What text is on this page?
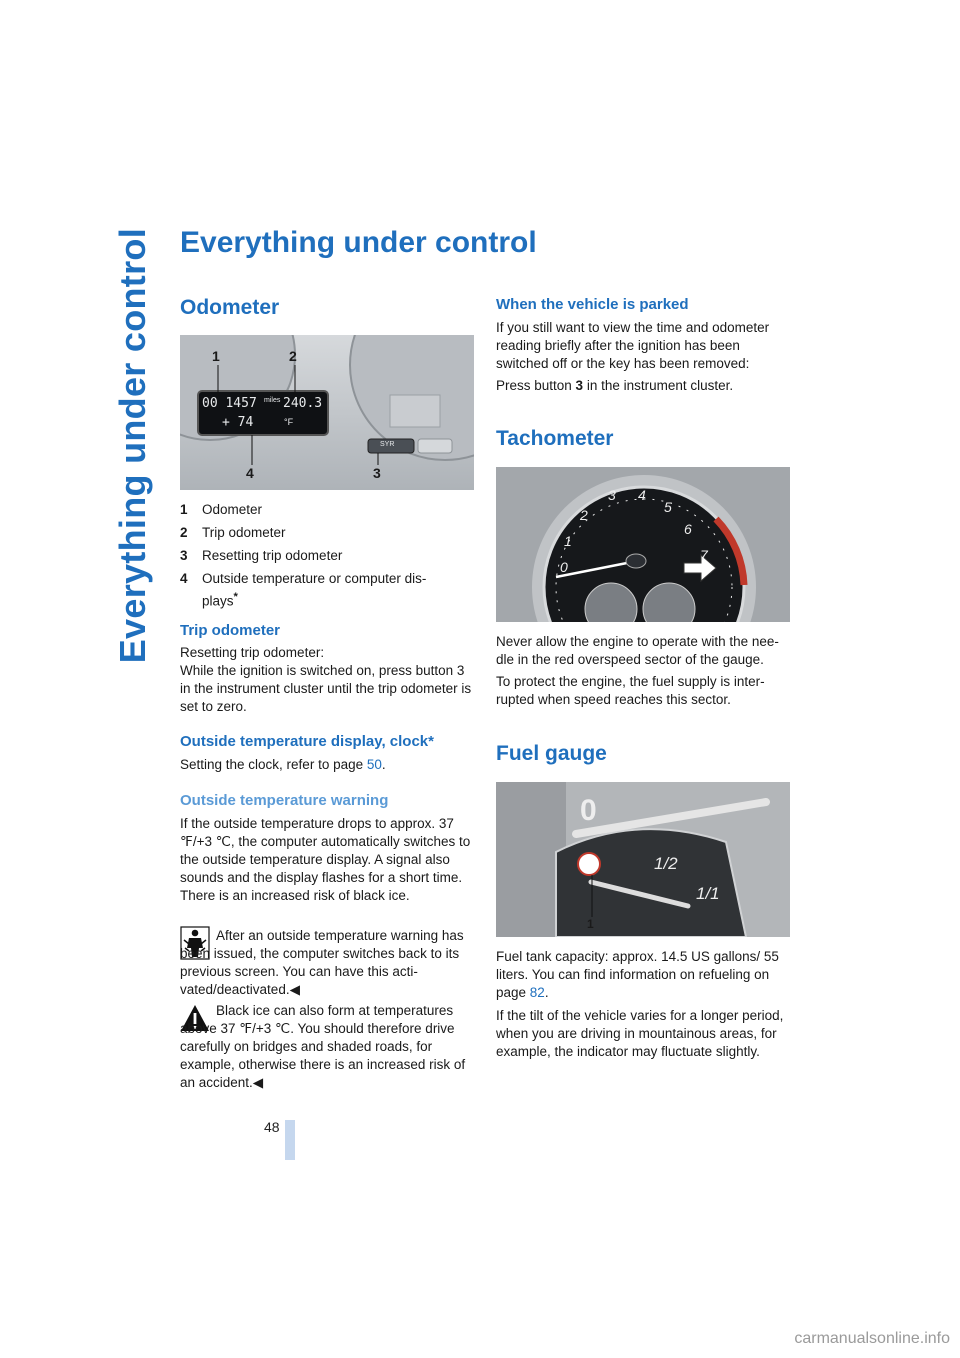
Everything under control Everything under control
Odometer
1	2
3
4
00 1457 miles 240.3
+ 74	°F
SYR
1 Odometer
2 Trip odometer
3 Resetting trip odometer
4 Outside temperature or computer dis-plays*
Trip odometer

Resetting trip odometer:

While the ignition is switched on, press button 3 in the instrument cluster until the trip odometer is set to zero.

Outside temperature display, clock*

Setting the clock, refer to page 50.

Outside temperature warning

If the outside temperature drops to approx. 37 ℉/+3 ℃, the computer automatically switches to the outside temperature display. A signal also sounds and the display flashes for a short time. There is an increased risk of black ice.

After an outside temperature warning has been issued, the computer switches back to its previous screen. You can have this acti-vated/deactivated.◀

Black ice can also form at temperatures above 37 ℉/+3 ℃. You should therefore drive carefully on bridges and shaded roads, for example, otherwise there is an increased risk of an accident.◀

When the vehicle is parked

If you still want to view the time and odometer reading briefly after the ignition has been switched off or the key has been removed:

Press button 3 in the instrument cluster.

Tachometer
0
1
2
3 4
5
6
7

Never allow the engine to operate with the nee-dle in the red overspeed sector of the gauge.

To protect the engine, the fuel supply is inter-rupted when speed reaches this sector.

Fuel gauge
0
1/2
1/1
1

Fuel tank capacity: approx. 14.5 US gallons/ 55 liters. You can find information on refueling on page 82.

If the tilt of the vehicle varies for a longer period, when you are driving in mountainous areas, for example, the indicator may fluctuate slightly.

48
carmanualsonline.info
